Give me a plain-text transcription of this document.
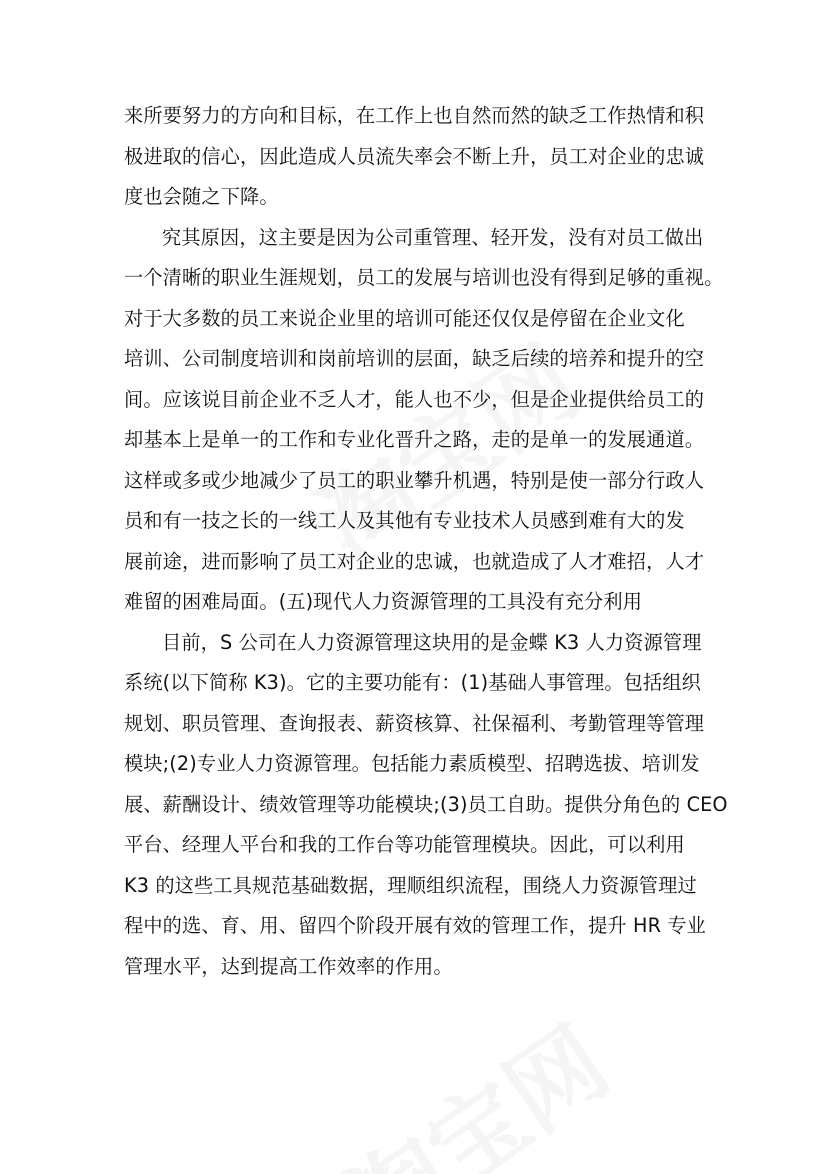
来所要努力的方向和目标，在工作上也自然而然的缺乏工作热情和积
极进取的信心，因此造成人员流失率会不断上升，员工对企业的忠诚
度也会随之下降。
究其原因，这主要是因为公司重管理、轻开发，没有对员工做出
一个清晰的职业生涯规划，员工的发展与培训也没有得到足够的重视。
对于大多数的员工来说企业里的培训可能还仅仅是停留在企业文化
培训、公司制度培训和岗前培训的层面，缺乏后续的培养和提升的空
间。应该说目前企业不乏人才，能人也不少，但是企业提供给员工的
却基本上是单一的工作和专业化晋升之路，走的是单一的发展通道。
这样或多或少地减少了员工的职业攀升机遇，特别是使一部分行政人
员和有一技之长的一线工人及其他有专业技术人员感到难有大的发
展前途，进而影响了员工对企业的忠诚，也就造成了人才难招，人才
难留的困难局面。(五)现代人力资源管理的工具没有充分利用
目前，S 公司在人力资源管理这块用的是金蝶 K3 人力资源管理
系统(以下简称 K3)。它的主要功能有：(1)基础人事管理。包括组织
规划、职员管理、查询报表、薪资核算、社保福利、考勤管理等管理
模块;(2)专业人力资源管理。包括能力素质模型、招聘选拔、培训发
展、薪酬设计、绩效管理等功能模块;(3)员工自助。提供分角色的 CEO
平台、经理人平台和我的工作台等功能管理模块。因此，可以利用
K3 的这些工具规范基础数据，理顺组织流程，围绕人力资源管理过
程中的选、育、用、留四个阶段开展有效的管理工作，提升 HR 专业
管理水平，达到提高工作效率的作用。
